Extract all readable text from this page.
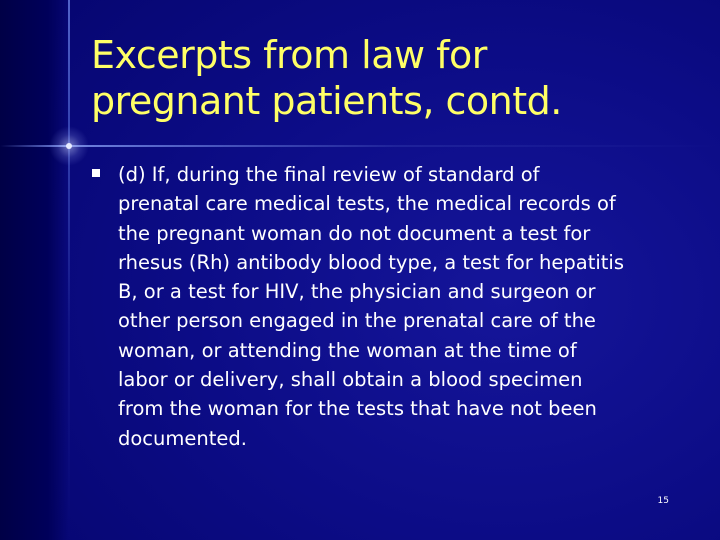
Excerpts from law for
pregnant patients, contd.

(d) If, during the final review of standard of
prenatal care medical tests, the medical records of
the pregnant woman do not document a test for
rhesus (Rh) antibody blood type, a test for hepatitis
B, or a test for HIV, the physician and surgeon or
other person engaged in the prenatal care of the
woman, or attending the woman at the time of
labor or delivery, shall obtain a blood specimen
from the woman for the tests that have not been
documented.

15
